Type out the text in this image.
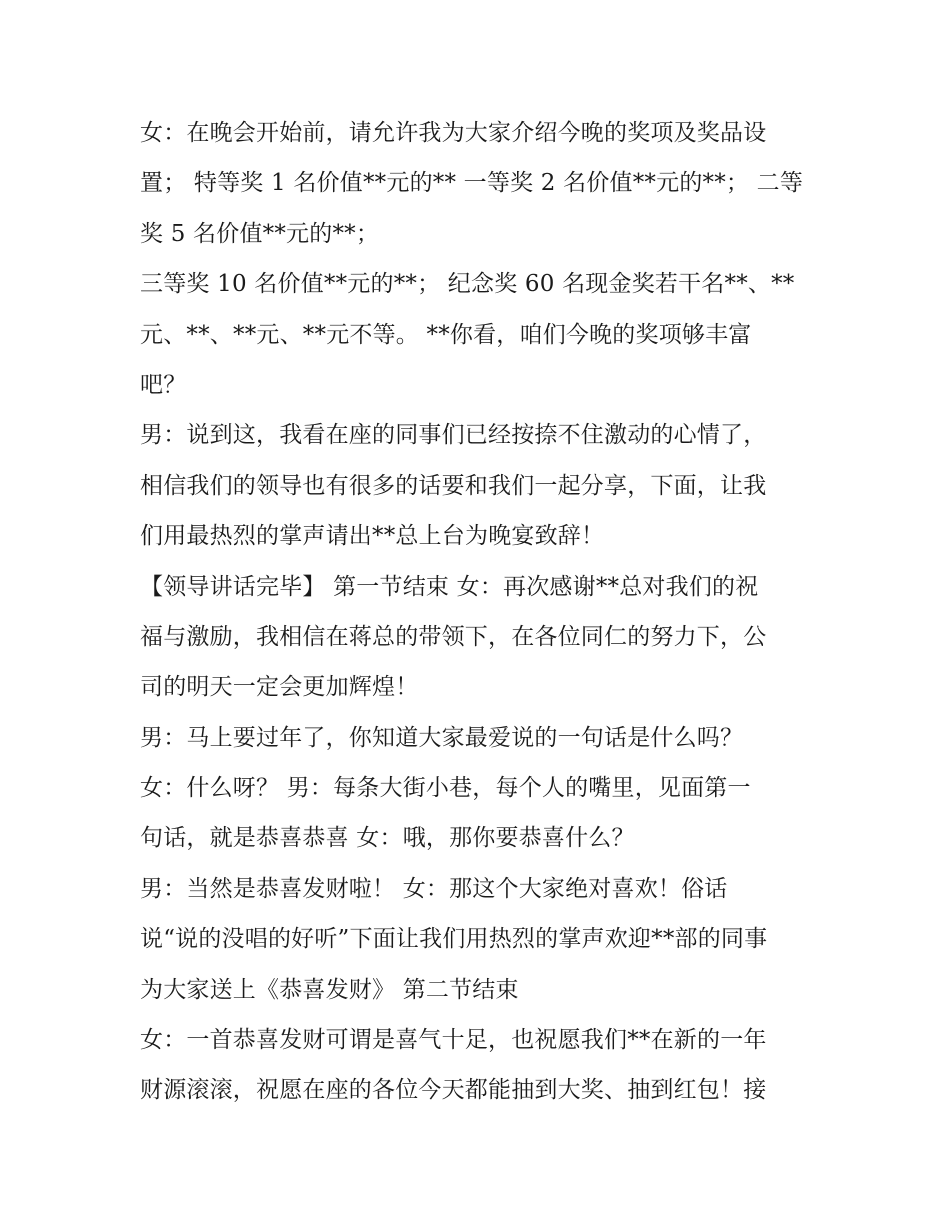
女：在晚会开始前，请允许我为大家介绍今晚的奖项及奖品设

置； 特等奖 1 名价值**元的** 一等奖 2 名价值**元的**； 二等

奖 5 名价值**元的**；

三等奖 10 名价值**元的**； 纪念奖 60 名现金奖若干名**、**

元、**、**元、**元不等。 **你看，咱们今晚的奖项够丰富

吧？

男：说到这，我看在座的同事们已经按捺不住激动的心情了，

相信我们的领导也有很多的话要和我们一起分享，下面，让我

们用最热烈的掌声请出**总上台为晚宴致辞！

【领导讲话完毕】 第一节结束 女：再次感谢**总对我们的祝

福与激励，我相信在蒋总的带领下，在各位同仁的努力下，公

司的明天一定会更加辉煌！

男：马上要过年了，你知道大家最爱说的一句话是什么吗？

女：什么呀？ 男：每条大街小巷，每个人的嘴里，见面第一

句话，就是恭喜恭喜 女：哦，那你要恭喜什么？

男：当然是恭喜发财啦！ 女：那这个大家绝对喜欢！俗话

说“说的没唱的好听”下面让我们用热烈的掌声欢迎**部的同事

为大家送上《恭喜发财》 第二节结束

女：一首恭喜发财可谓是喜气十足，也祝愿我们**在新的一年

财源滚滚，祝愿在座的各位今天都能抽到大奖、抽到红包！接
